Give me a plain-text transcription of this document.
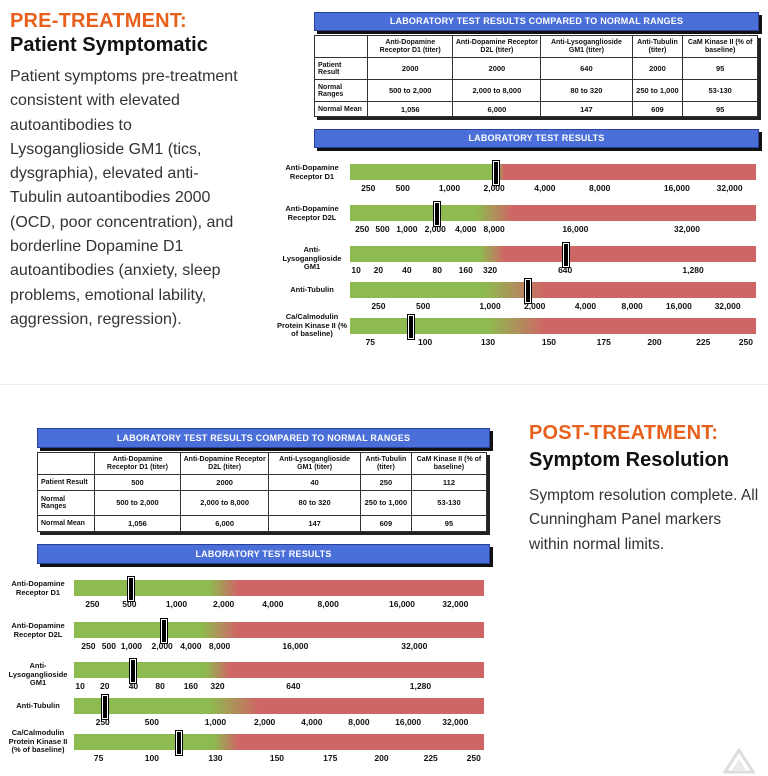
PRE-TREATMENT:
Patient Symptomatic
Patient symptoms pre-treatment consistent with elevated autoantibodies to Lysoganglioside GM1 (tics, dysgraphia), elevated anti-Tubulin autoantibodies 2000 (OCD, poor concentration), and borderline Dopamine D1 autoantibodies (anxiety, sleep problems, emotional lability, aggression, regression).
LABORATORY TEST RESULTS COMPARED TO NORMAL RANGES
	Anti-Dopamine Receptor D1 (titer)	Anti-Dopamine Receptor D2L (titer)	Anti-Lysoganglioside GM1 (titer)	Anti-Tubulin (titer)	CaM Kinase II (% of baseline)
Patient Result	2000	2000	640	2000	95
Normal Ranges	500 to 2,000	2,000 to 8,000	80 to 320	250 to 1,000	53-130
Normal Mean	1,056	6,000	147	609	95
LABORATORY TEST RESULTS
Anti-Dopamine Receptor D1
250 500	1,000	2,000	4,000	8,000	16,000	32,000
Anti-Dopamine Receptor D2L
250 500 1,000 2,000 4,000 8,000	16,000	32,000
Anti-Lysoganglioside GM1	10 20 40 80 160 320	640	1,280
Anti-Tubulin
250	500	1,000	2,000	4,000	8,000	16,000	32,000
Ca/Calmodulin Protein Kinase II (% of baseline)
75	100	130	150	175	200	225	250
LABORATORY TEST RESULTS COMPARED TO NORMAL RANGES
	Anti-Dopamine Receptor D1 (titer)	Anti-Dopamine Receptor D2L (titer)	Anti-Lysoganglioside GM1 (titer)	Anti-Tubulin (titer)	CaM Kinase II (% of baseline)
Patient Result	500	2000	40	250	112
Normal Ranges	500 to 2,000	2,000 to 8,000	80 to 320	250 to 1,000	53-130
Normal Mean	1,056	6,000	147	609	95
LABORATORY TEST RESULTS
Anti-Dopamine Receptor D1
250	500	1,000	2,000	4,000	8,000	16,000	32,000
Anti-Dopamine Receptor D2L
250 500 1,000 2,000 4,000 8,000	16,000	32,000
Anti-Lysoganglioside GM1	10 20 40 80 160 320	640	1,280
Anti-Tubulin
250	500	1,000	2,000	4,000	8,000	16,000 32,000
Ca/Calmodulin Protein Kinase II (% of baseline)
75	100	130	150	175	200	225	250
POST-TREATMENT:
Symptom Resolution
Symptom resolution complete. All Cunningham Panel markers within normal limits.
